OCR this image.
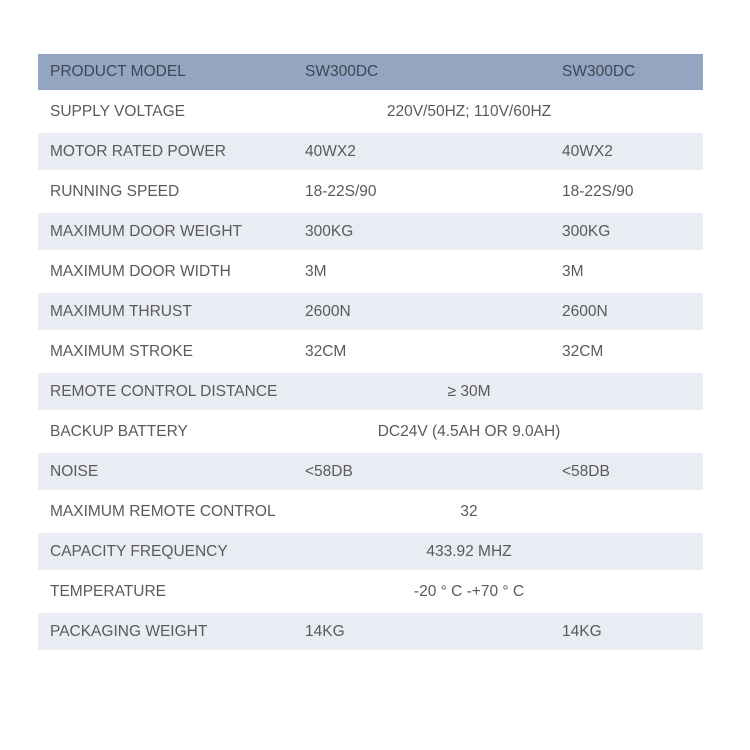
PRODUCT MODEL	SW300DC	SW300DC
SUPPLY VOLTAGE	220V/50HZ; 110V/60HZ
MOTOR RATED POWER	40WX2	40WX2
RUNNING SPEED	18-22S/90	18-22S/90
MAXIMUM DOOR WEIGHT	300KG	300KG
MAXIMUM DOOR WIDTH	3M	3M
MAXIMUM THRUST	2600N	2600N
MAXIMUM STROKE	32CM	32CM
REMOTE CONTROL DISTANCE	≥ 30M
BACKUP BATTERY	DC24V (4.5AH OR 9.0AH)
NOISE	<58DB	<58DB
MAXIMUM REMOTE CONTROL	32
CAPACITY FREQUENCY	433.92 MHZ
TEMPERATURE	-20 ° C -+70 ° C
PACKAGING WEIGHT	14KG	14KG
